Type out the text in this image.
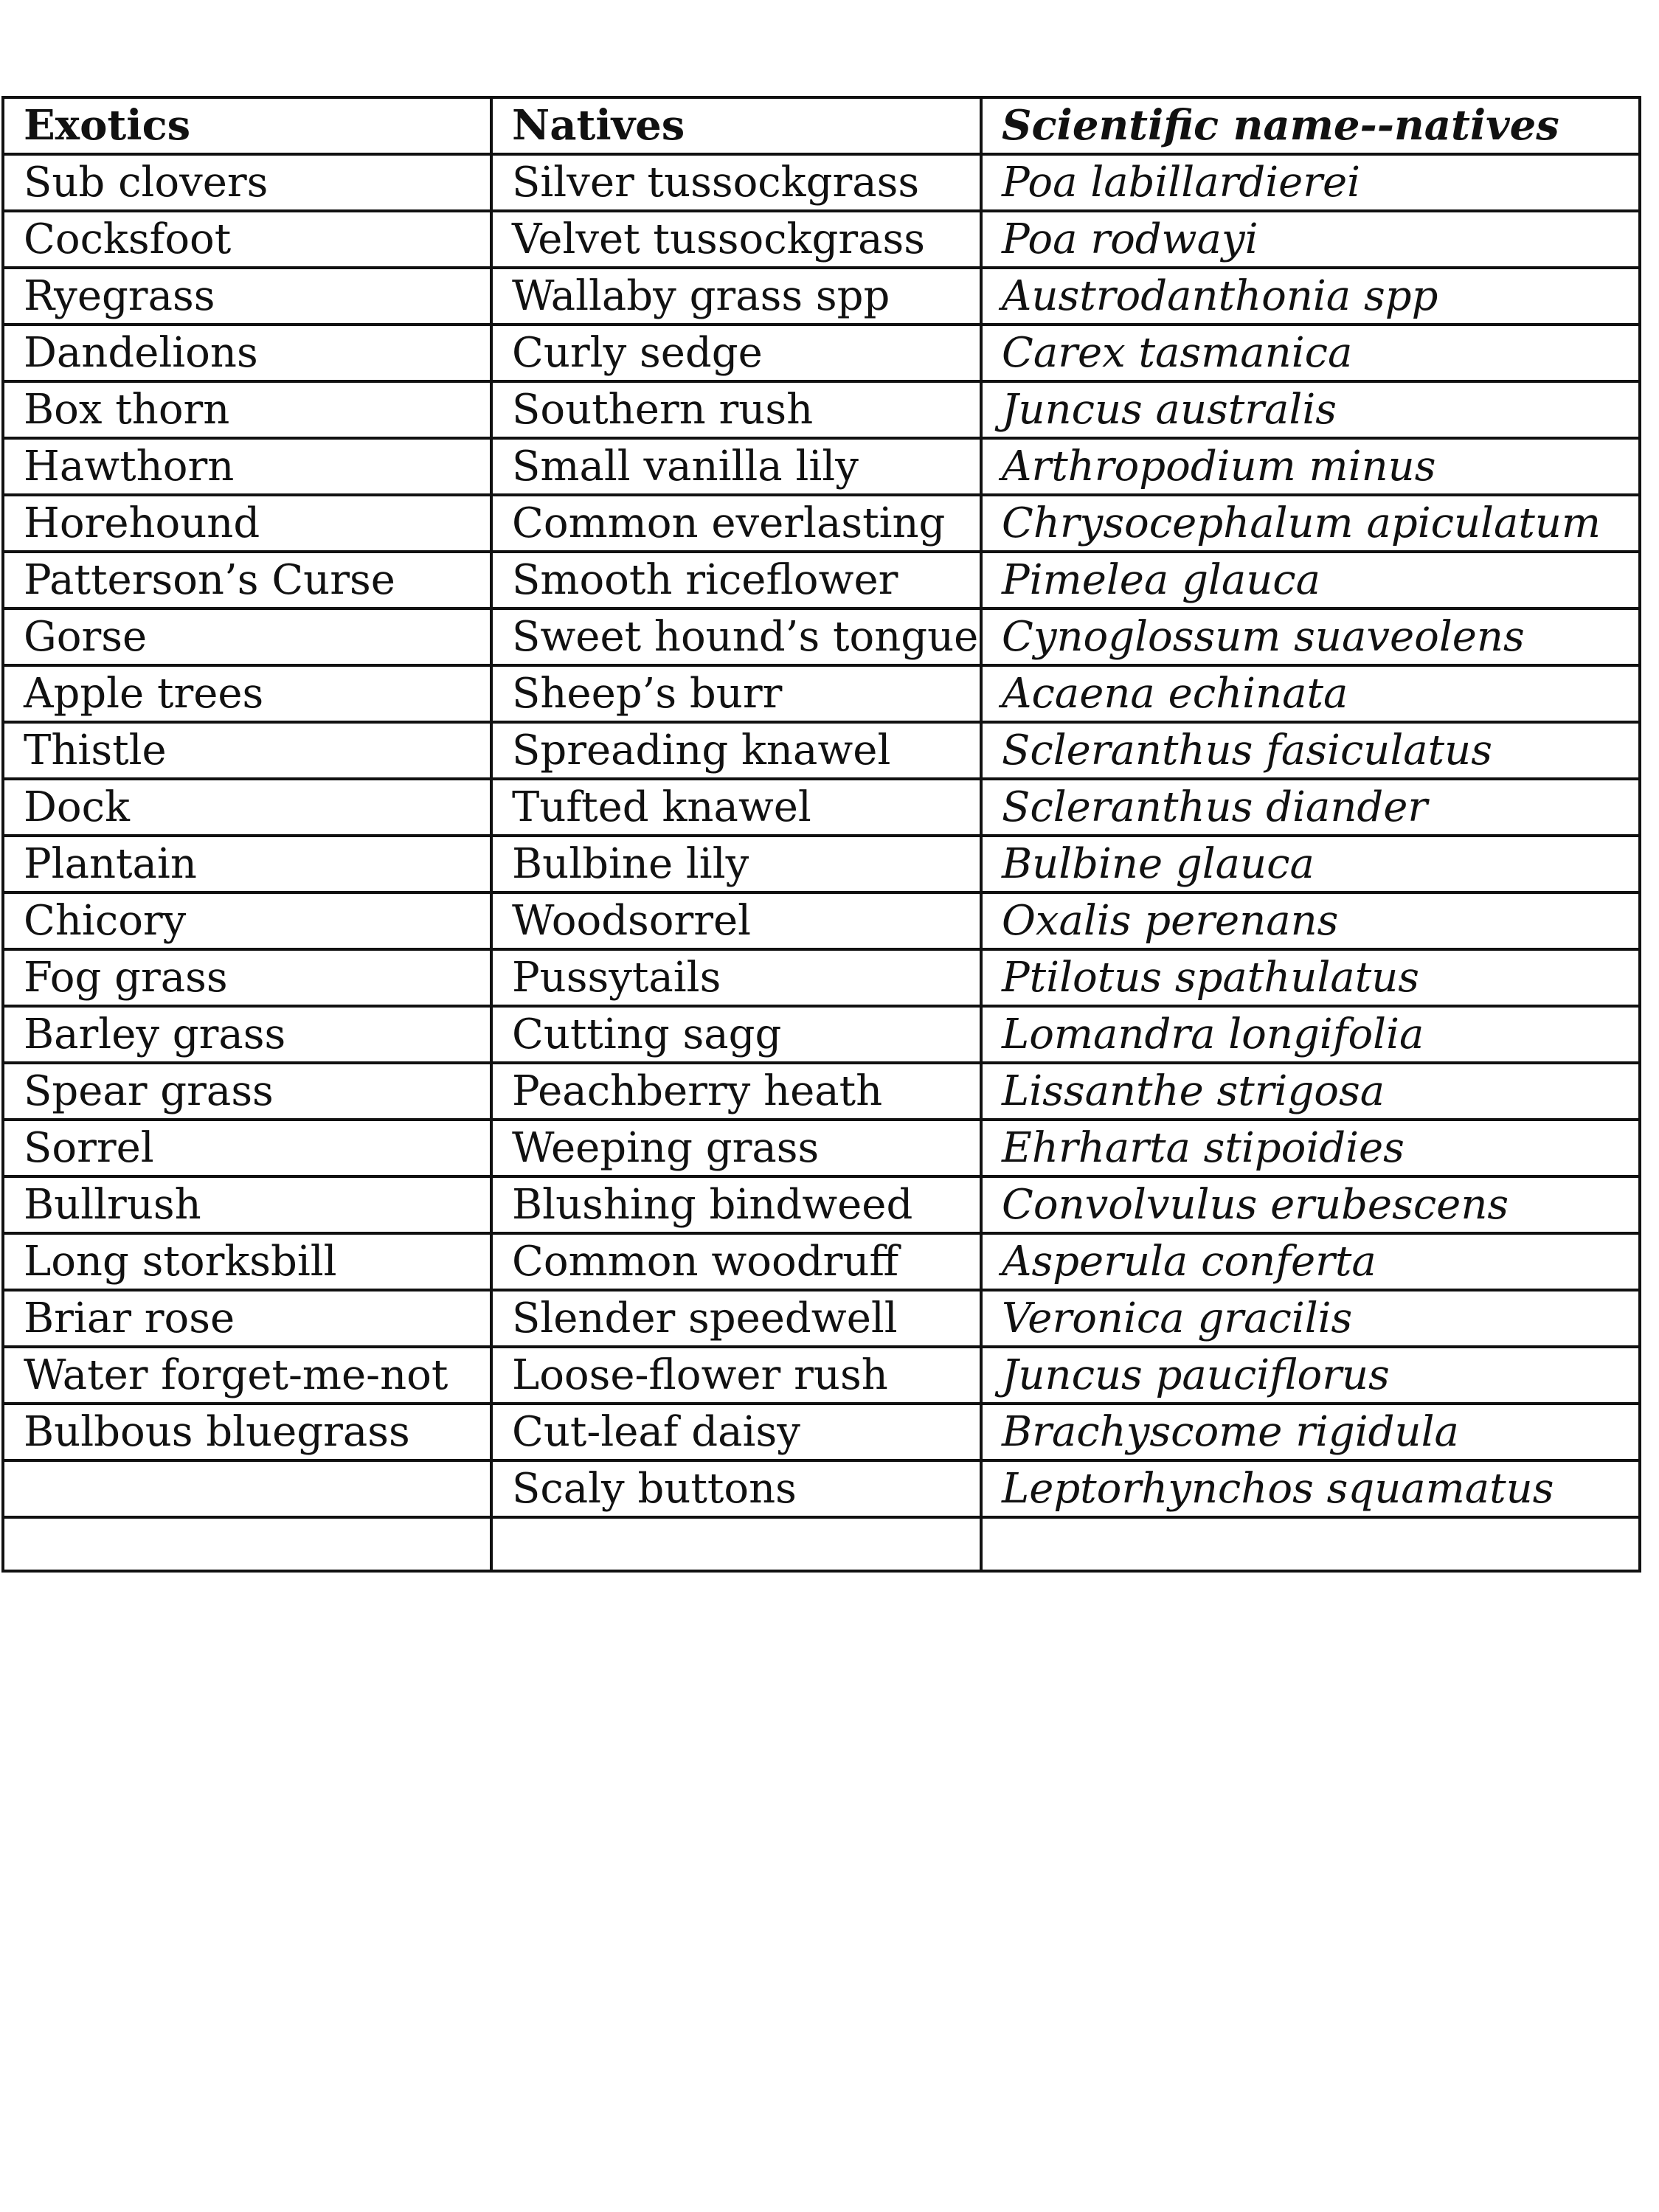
Exotics	Natives	Scientific name--natives
Sub clovers	Silver tussockgrass	Poa labillardierei
Cocksfoot	Velvet tussockgrass	Poa rodwayi
Ryegrass	Wallaby grass spp	Austrodanthonia spp
Dandelions	Curly sedge	Carex tasmanica
Box thorn	Southern rush	Juncus australis
Hawthorn	Small vanilla lily	Arthropodium minus
Horehound	Common everlasting	Chrysocephalum apiculatum
Patterson’s Curse	Smooth riceflower	Pimelea glauca
Gorse	Sweet hound’s tongue	Cynoglossum suaveolens
Apple trees	Sheep’s burr	Acaena echinata
Thistle	Spreading knawel	Scleranthus fasiculatus
Dock	Tufted knawel	Scleranthus diander
Plantain	Bulbine lily	Bulbine glauca
Chicory	Woodsorrel	Oxalis perenans
Fog grass	Pussytails	Ptilotus spathulatus
Barley grass	Cutting sagg	Lomandra longifolia
Spear grass	Peachberry heath	Lissanthe strigosa
Sorrel	Weeping grass	Ehrharta stipoidies
Bullrush	Blushing bindweed	Convolvulus erubescens
Long storksbill	Common woodruff	Asperula conferta
Briar rose	Slender speedwell	Veronica gracilis
Water forget-me-not	Loose-flower rush	Juncus pauciflorus
Bulbous bluegrass	Cut-leaf daisy	Brachyscome rigidula
	Scaly buttons	Leptorhynchos squamatus
